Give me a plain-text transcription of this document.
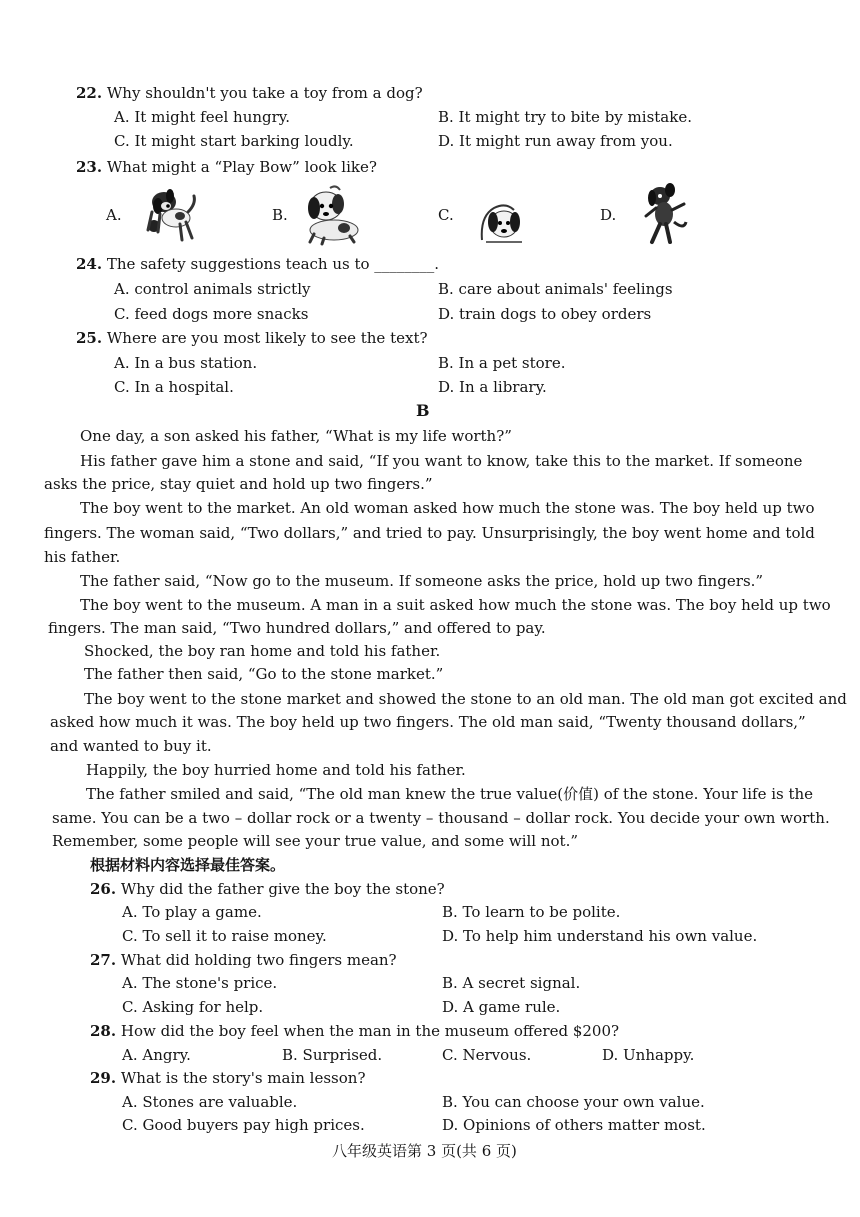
22. Why shouldn't you take a toy from a dog?
A. It might feel hungry.	B. It might try to bite by mistake.
C. It might start barking loudly.	D. It might run away from you.
23. What might a “Play Bow” look like?
A.	B.	C.	D.
24. The safety suggestions teach us to ________.
A. control animals strictly	B. care about animals' feelings
C. feed dogs more snacks	D. train dogs to obey orders
25. Where are you most likely to see the text?
A. In a bus station.	B. In a pet store.
C. In a hospital.	D. In a library.
B
One day, a son asked his father, “What is my life worth?”
His father gave him a stone and said, “If you want to know, take this to the market. If someone
asks the price, stay quiet and hold up two fingers.”
The boy went to the market. An old woman asked how much the stone was. The boy held up two
fingers. The woman said, “Two dollars,” and tried to pay. Unsurprisingly, the boy went home and told
his father.
The father said, “Now go to the museum. If someone asks the price, hold up two fingers.”
The boy went to the museum. A man in a suit asked how much the stone was. The boy held up two
fingers. The man said, “Two hundred dollars,” and offered to pay.
Shocked, the boy ran home and told his father.
The father then said, “Go to the stone market.”
The boy went to the stone market and showed the stone to an old man. The old man got excited and
asked how much it was. The boy held up two fingers. The old man said, “Twenty thousand dollars,”
and wanted to buy it.
Happily, the boy hurried home and told his father.
The father smiled and said, “The old man knew the true value(价值) of the stone. Your life is the
same. You can be a two – dollar rock or a twenty – thousand – dollar rock. You decide your own worth.
Remember, some people will see your true value, and some will not.”
根据材料内容选择最佳答案。
26. Why did the father give the boy the stone?
A. To play a game.	B. To learn to be polite.
C. To sell it to raise money.	D. To help him understand his own value.
27. What did holding two fingers mean?
A. The stone's price.	B. A secret signal.
C. Asking for help.	D. A game rule.
28. How did the boy feel when the man in the museum offered $200?
A. Angry.	B. Surprised.	C. Nervous.	D. Unhappy.
29. What is the story's main lesson?
A. Stones are valuable.	B. You can choose your own value.
C. Good buyers pay high prices.	D. Opinions of others matter most.
八年级英语第 3 页(共 6 页)
